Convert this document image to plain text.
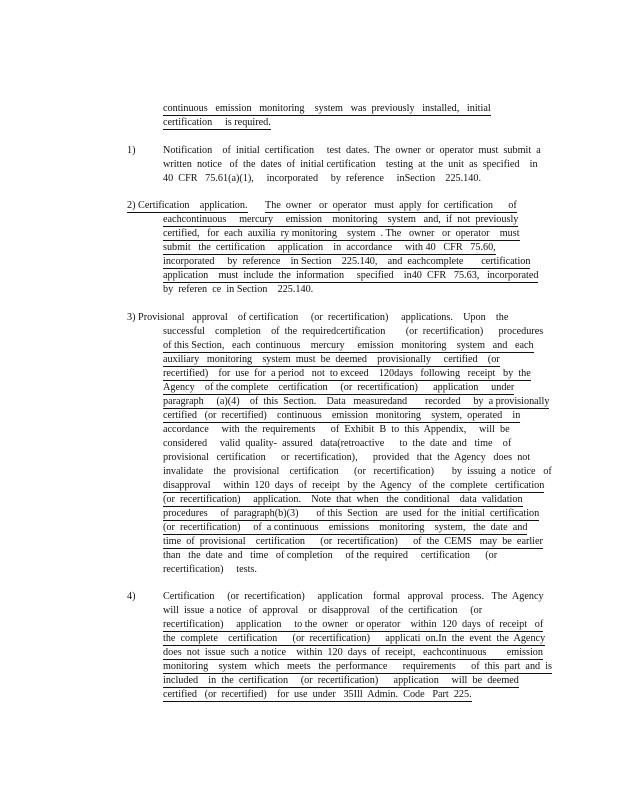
continuous   emission   monitoring    system   was  previously   installed,   initial
certification     is required.
1)	Notification    of  initial  certification     test  dates.  The  owner  or  operator  must  submit  a
written  notice   of  the  dates  of  initial certification    testing  at  the  unit  as  specified    in
40  CFR   75.61(a)(1),     incorporated     by  reference     inSection    225.140.
2) Certification    application. The  owner   or  operator   must  apply  for  certification      of
eachcontinuous     mercury     emission    monitoring    system   and,  if  not  previously
certified,   for  each  auxilia  ry monitoring    system  . The   owner   or  operator    must
submit   the  certification     application    in  accordance     with 40   CFR   75.60,
incorporated     by  reference    in Section    225.140,    and  eachcomplete       certification
application    must  include  the  information     specified    in40  CFR   75.63,   incorporated
by  referen  ce  in Section    225.140.
3) Provisional   approval    of certification     (or  recertification)     applications.    Upon    the
successful    completion    of  the  requiredcertification        (or  recertification)      procedures
of this Section,   each  continuous    mercury     emission   monitoring    system   and   each
auxiliary   monitoring    system  must  be  deemed    provisionally     certified    (or
recertified)    for  use  for  a period   not  to exceed    120days   following   receipt   by  the
Agency    of the complete    certification     (or  recertification)      application     under
paragraph     (a)(4)    of  this  Section.    Data   measuredand       recorded     by  a provisionally
certified   (or  recertified)    continuous    emission   monitoring    system,  operated    in
accordance     with  the  requirements      of  Exhibit  B  to  this  Appendix,     will  be
considered     valid  quality-  assured   data(retroactive      to  the  date  and   time    of
provisional   certification      or  recertification),      provided   that  the  Agency   does  not
invalidate    the   provisional    certification      (or   recertification)       by  issuing  a  notice   of
disapproval     within  120  days  of  receipt   by  the  Agency   of  the  complete   certification
(or  recertification)     application.    Note  that  when   the  conditional    data  validation
procedures     of  paragraph(b)(3)       of this  Section   are  used  for  the  initial  certification
(or  recertification)     of  a continuous    emissions    monitoring    system,   the  date  and
time  of  provisional    certification      (or  recertification)      of  the  CEMS   may  be  earlier
than   the  date  and   time   of completion     of the  required     certification      (or
recertification)     tests.
4)	Certification     (or  recertification)     application    formal   approval   process.   The  Agency
will  issue  a notice   of  approval    or  disapproval    of the  certification     (or
recertification)     application     to the  owner   or operator    within  120  days  of  receipt   of
the  complete    certification      (or  recertification)      applicati  on.In  the  event  the  Agency
does  not  issue  such  a notice    within  120  days  of  receipt,   eachcontinuous        emission
monitoring    system   which   meets   the  performance      requirements      of  this  part  and  is
included    in  the  certification     (or  recertification)      application     will  be  deemed
certified   (or  recertified)    for  use  under   35Ill  Admin.  Code   Part  225.
